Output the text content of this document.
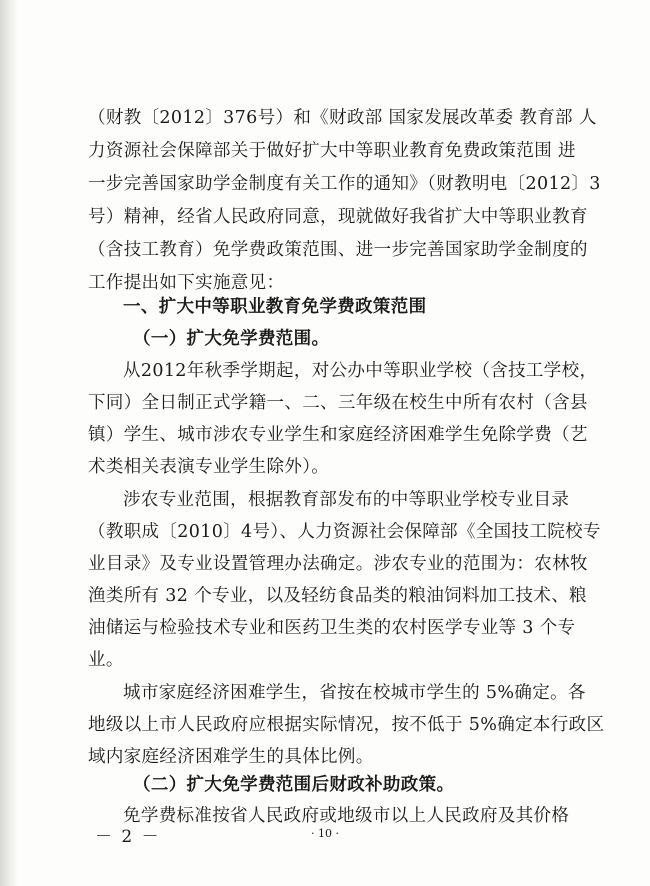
（财教〔2012〕376号）和《财政部 国家发展改革委 教育部 人
力资源社会保障部关于做好扩大中等职业教育免费政策范围 进
一步完善国家助学金制度有关工作的通知》（财教明电〔2012〕3
号）精神，经省人民政府同意，现就做好我省扩大中等职业教育
（含技工教育）免学费政策范围、进一步完善国家助学金制度的
工作提出如下实施意见：
一、扩大中等职业教育免学费政策范围
（一）扩大免学费范围。
从2012年秋季学期起，对公办中等职业学校（含技工学校，
下同）全日制正式学籍一、二、三年级在校生中所有农村（含县
镇）学生、城市涉农专业学生和家庭经济困难学生免除学费（艺
术类相关表演专业学生除外）。
涉农专业范围，根据教育部发布的中等职业学校专业目录
（教职成〔2010〕4号）、人力资源社会保障部《全国技工院校专
业目录》及专业设置管理办法确定。涉农专业的范围为：农林牧
渔类所有 32 个专业，以及轻纺食品类的粮油饲料加工技术、粮
油储运与检验技术专业和医药卫生类的农村医学专业等 3 个专
业。
城市家庭经济困难学生，省按在校城市学生的 5%确定。各
地级以上市人民政府应根据实际情况，按不低于 5%确定本行政区
域内家庭经济困难学生的具体比例。
（二）扩大免学费范围后财政补助政策。
免学费标准按省人民政府或地级市以上人民政府及其价格
－ 2 －	· 10 ·
